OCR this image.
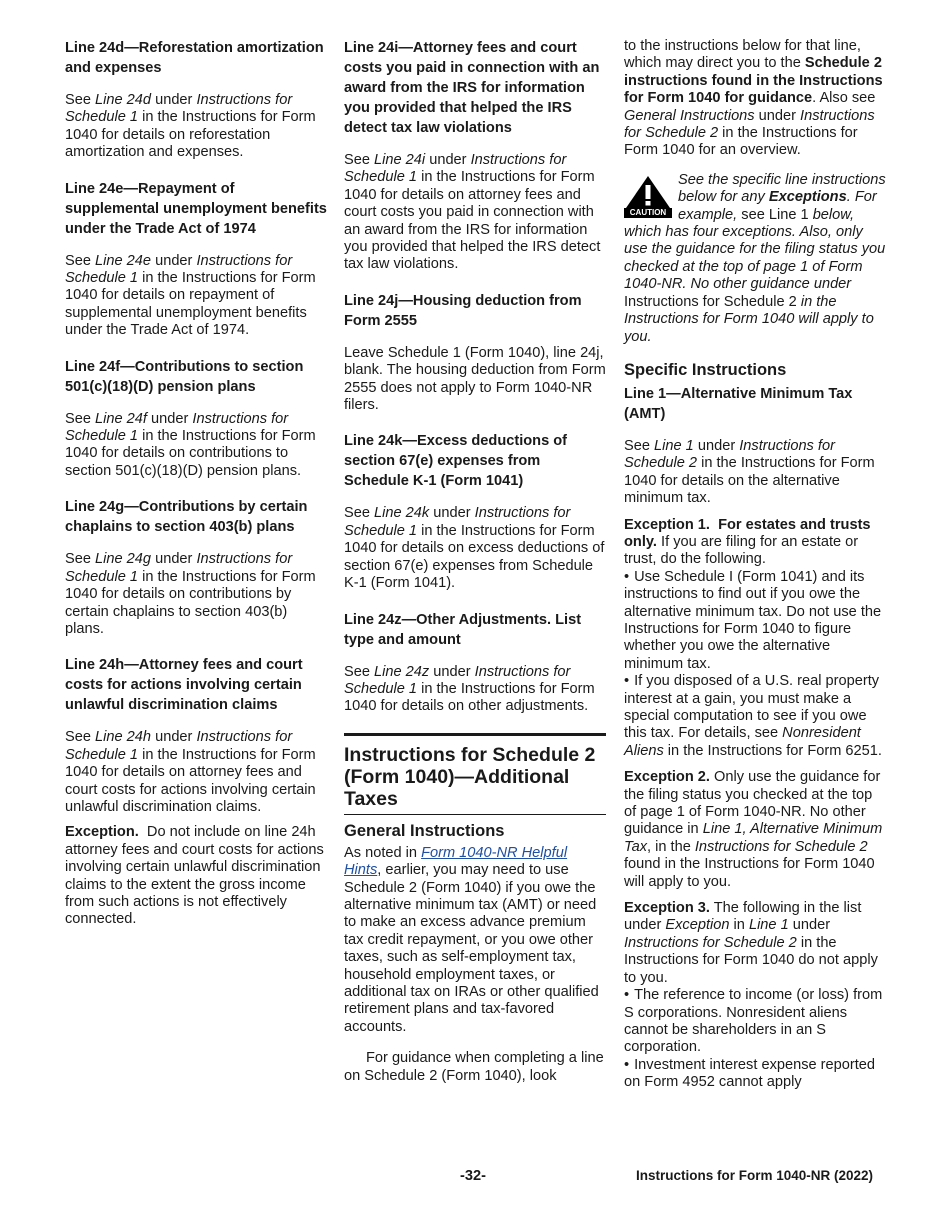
Line 24d—Reforestation amortization and expenses

See Line 24d under Instructions for Schedule 1 in the Instructions for Form 1040 for details on reforestation amortization and expenses.

Line 24e—Repayment of supplemental unemployment benefits under the Trade Act of 1974

See Line 24e under Instructions for Schedule 1 in the Instructions for Form 1040 for details on repayment of supplemental unemployment benefits under the Trade Act of 1974.

Line 24f—Contributions to section 501(c)(18)(D) pension plans

See Line 24f under Instructions for Schedule 1 in the Instructions for Form 1040 for details on contributions to section 501(c)(18)(D) pension plans.

Line 24g—Contributions by certain chaplains to section 403(b) plans

See Line 24g under Instructions for Schedule 1 in the Instructions for Form 1040 for details on contributions by certain chaplains to section 403(b) plans.

Line 24h—Attorney fees and court costs for actions involving certain unlawful discrimination claims

See Line 24h under Instructions for Schedule 1 in the Instructions for Form 1040 for details on attorney fees and court costs for actions involving certain unlawful discrimination claims.

Exception. Do not include on line 24h attorney fees and court costs for actions involving certain unlawful discrimination claims to the extent the gross income from such actions is not effectively connected.

Line 24i—Attorney fees and court costs you paid in connection with an award from the IRS for information you provided that helped the IRS detect tax law violations

See Line 24i under Instructions for Schedule 1 in the Instructions for Form 1040 for details on attorney fees and court costs you paid in connection with an award from the IRS for information you provided that helped the IRS detect tax law violations.

Line 24j—Housing deduction from Form 2555

Leave Schedule 1 (Form 1040), line 24j, blank. The housing deduction from Form 2555 does not apply to Form 1040-NR filers.

Line 24k—Excess deductions of section 67(e) expenses from Schedule K-1 (Form 1041)

See Line 24k under Instructions for Schedule 1 in the Instructions for Form 1040 for details on excess deductions of section 67(e) expenses from Schedule K-1 (Form 1041).

Line 24z—Other Adjustments. List type and amount

See Line 24z under Instructions for Schedule 1 in the Instructions for Form 1040 for details on other adjustments.

Instructions for Schedule 2 (Form 1040)—Additional Taxes

General Instructions

As noted in Form 1040-NR Helpful Hints, earlier, you may need to use Schedule 2 (Form 1040) if you owe the alternative minimum tax (AMT) or need to make an excess advance premium tax credit repayment, or you owe other taxes, such as self-employment tax, household employment taxes, or additional tax on IRAs or other qualified retirement plans and tax-favored accounts.

For guidance when completing a line on Schedule 2 (Form 1040), look

to the instructions below for that line, which may direct you to the Schedule 2 instructions found in the Instructions for Form 1040 for guidance. Also see General Instructions under Instructions for Schedule 2 in the Instructions for Form 1040 for an overview.

CAUTION

See the specific line instructions below for any Exceptions. For example, see Line 1 below, which has four exceptions. Also, only use the guidance for the filing status you checked at the top of page 1 of Form 1040-NR. No other guidance under Instructions for Schedule 2 in the Instructions for Form 1040 will apply to you.

Specific Instructions

Line 1—Alternative Minimum Tax (AMT)

See Line 1 under Instructions for Schedule 2 in the Instructions for Form 1040 for details on the alternative minimum tax.

Exception 1. For estates and trusts only. If you are filing for an estate or trust, do the following.

• Use Schedule I (Form 1041) and its instructions to find out if you owe the alternative minimum tax. Do not use the Instructions for Form 1040 to figure whether you owe the alternative minimum tax.

• If you disposed of a U.S. real property interest at a gain, you must make a special computation to see if you owe this tax. For details, see Nonresident Aliens in the Instructions for Form 6251.

Exception 2. Only use the guidance for the filing status you checked at the top of page 1 of Form 1040-NR. No other guidance in Line 1, Alternative Minimum Tax, in the Instructions for Schedule 2 found in the Instructions for Form 1040 will apply to you.

Exception 3. The following in the list under Exception in Line 1 under Instructions for Schedule 2 in the Instructions for Form 1040 do not apply to you.

• The reference to income (or loss) from S corporations. Nonresident aliens cannot be shareholders in an S corporation.

• Investment interest expense reported on Form 4952 cannot apply

-32-	Instructions for Form 1040-NR (2022)
